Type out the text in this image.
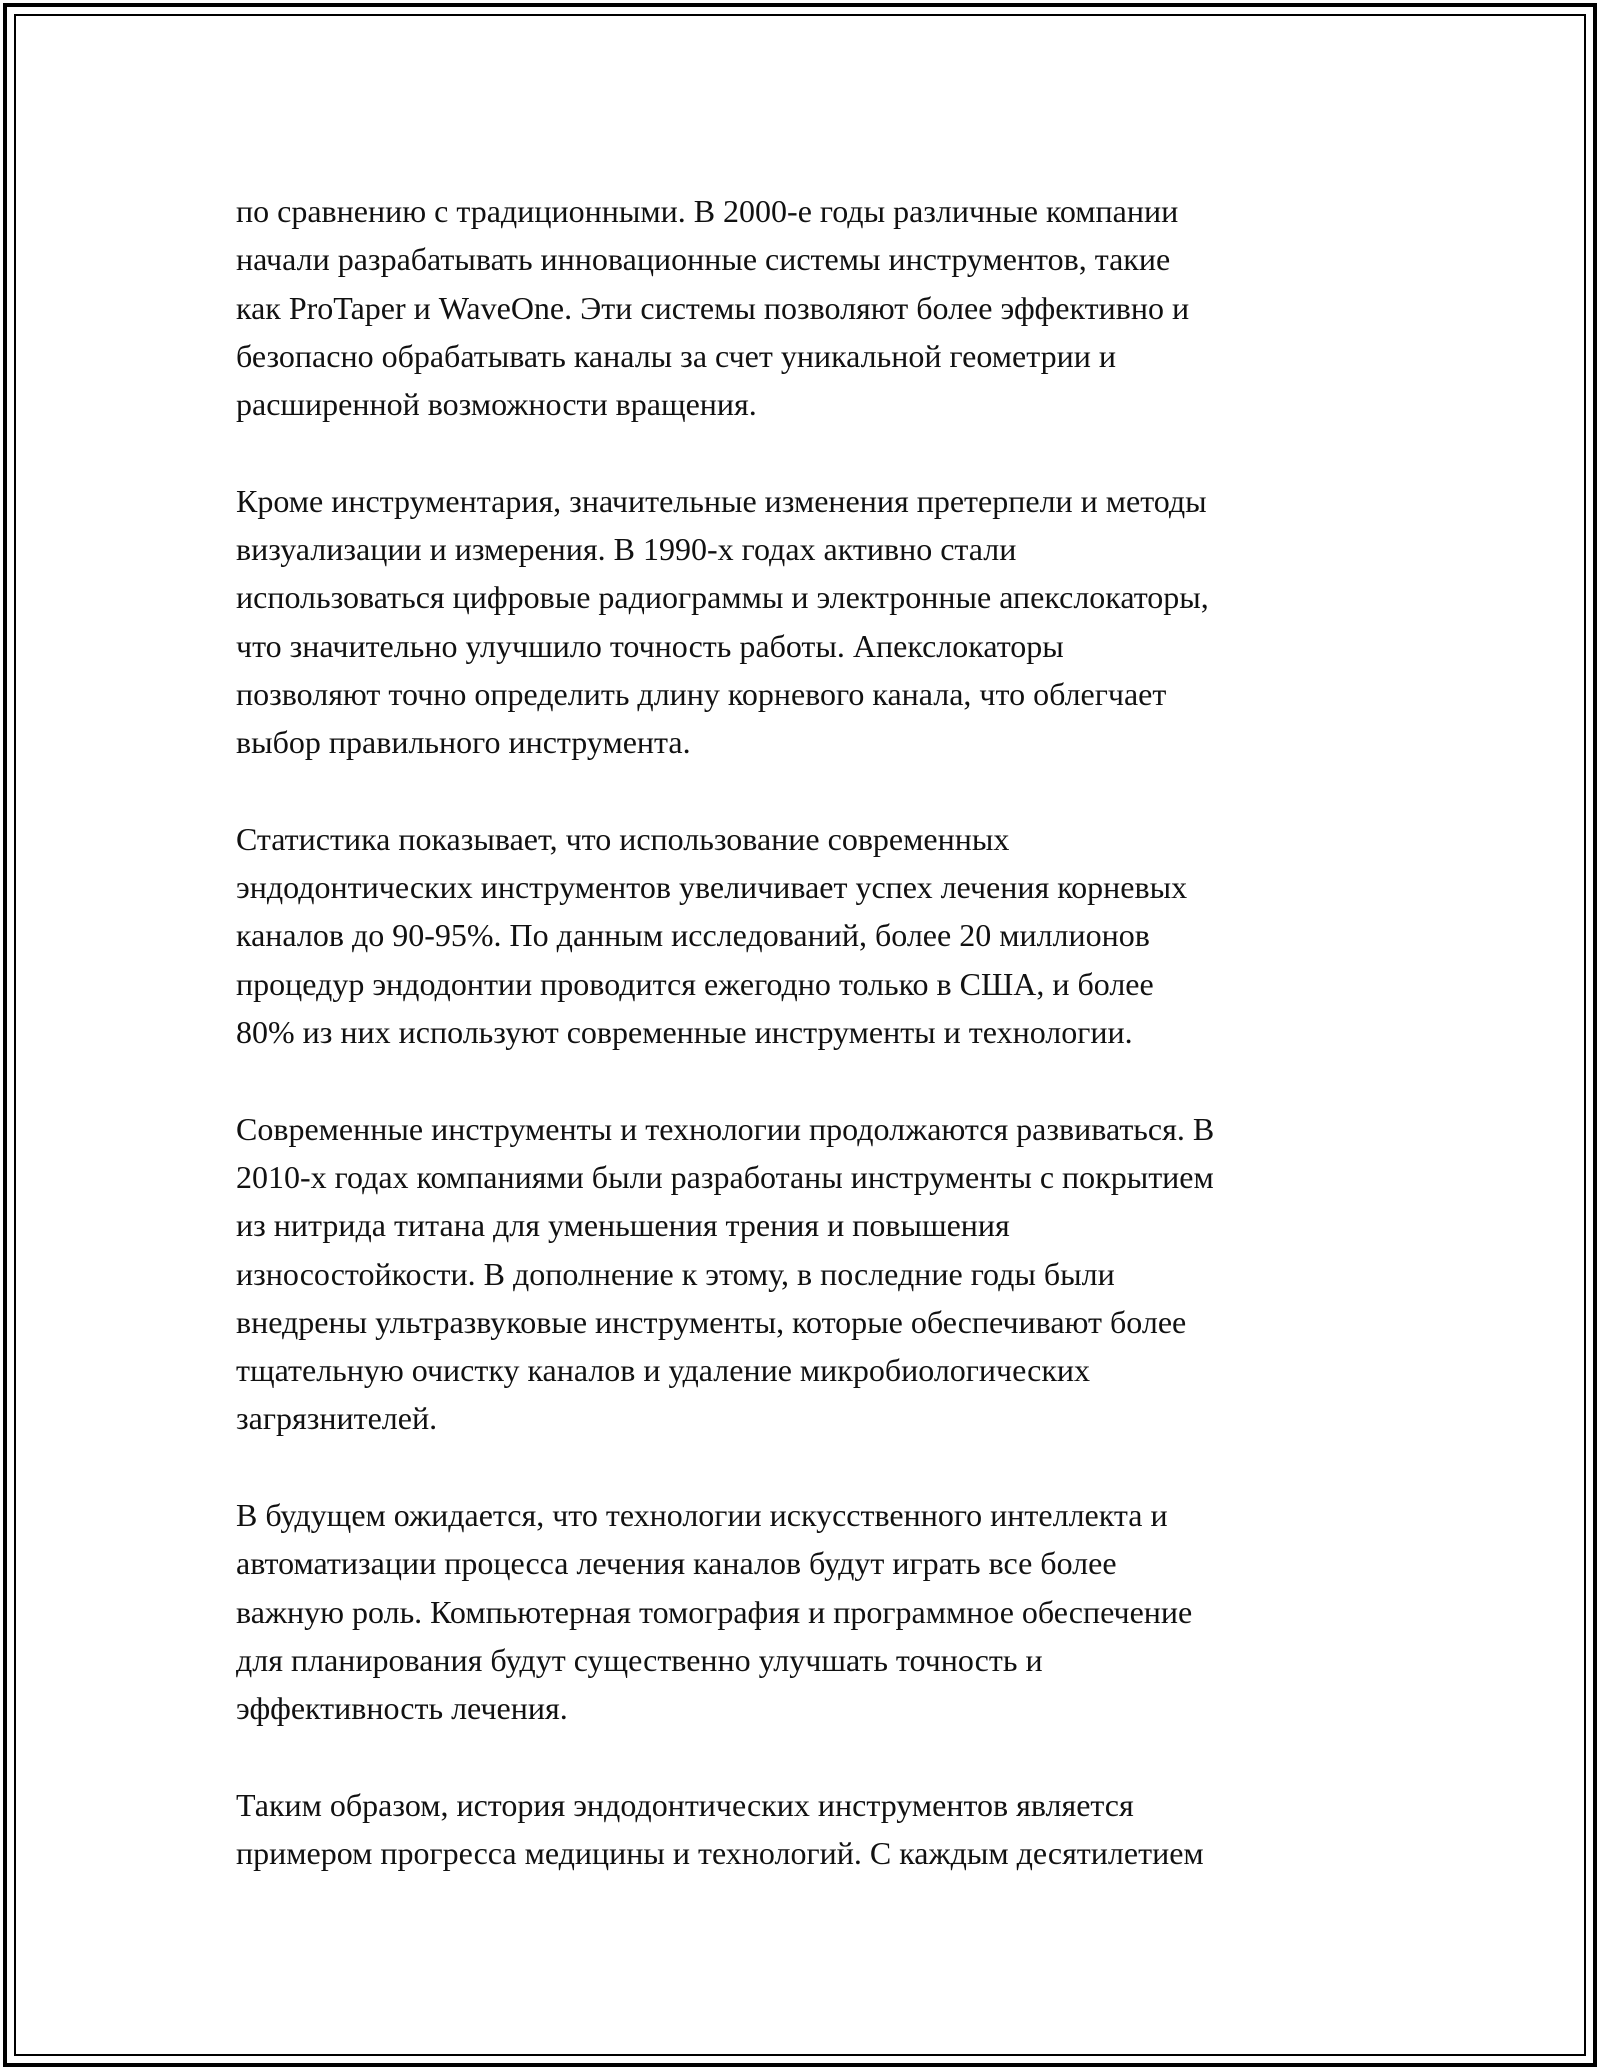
по сравнению с традиционными. В 2000-е годы различные компании
начали разрабатывать инновационные системы инструментов, такие
как ProTaper и WaveOne. Эти системы позволяют более эффективно и
безопасно обрабатывать каналы за счет уникальной геометрии и
расширенной возможности вращения.

Кроме инструментария, значительные изменения претерпели и методы
визуализации и измерения. В 1990-х годах активно стали
использоваться цифровые радиограммы и электронные апекслокаторы,
что значительно улучшило точность работы. Апекслокаторы
позволяют точно определить длину корневого канала, что облегчает
выбор правильного инструмента.

Статистика показывает, что использование современных
эндодонтических инструментов увеличивает успех лечения корневых
каналов до 90-95%. По данным исследований, более 20 миллионов
процедур эндодонтии проводится ежегодно только в США, и более
80% из них используют современные инструменты и технологии.

Современные инструменты и технологии продолжаются развиваться. В
2010-х годах компаниями были разработаны инструменты с покрытием
из нитрида титана для уменьшения трения и повышения
износостойкости. В дополнение к этому, в последние годы были
внедрены ультразвуковые инструменты, которые обеспечивают более
тщательную очистку каналов и удаление микробиологических
загрязнителей.

В будущем ожидается, что технологии искусственного интеллекта и
автоматизации процесса лечения каналов будут играть все более
важную роль. Компьютерная томография и программное обеспечение
для планирования будут существенно улучшать точность и
эффективность лечения.

Таким образом, история эндодонтических инструментов является
примером прогресса медицины и технологий. С каждым десятилетием
